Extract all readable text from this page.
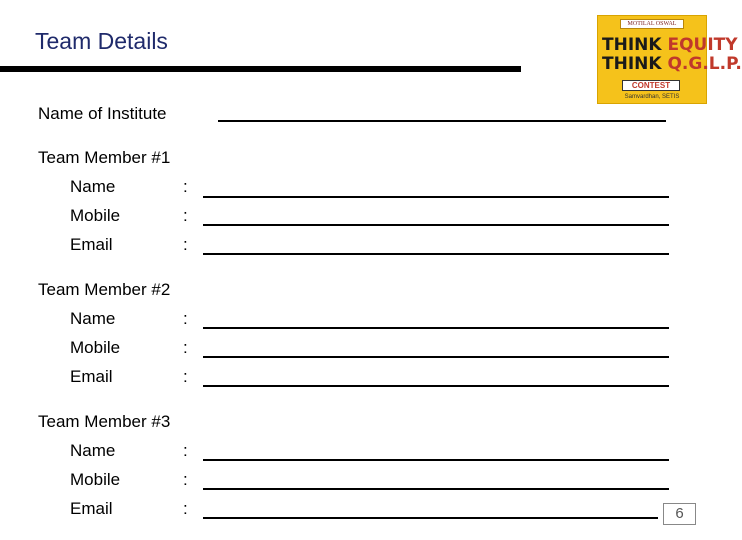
Team Details
MOTILAL OSWAL
THINK EQUITY
THINK Q.G.L.P.
CONTEST
Samvardhan, SETIS
Name of Institute
Team Member #1
Name	:
Mobile	:
Email	:
Team Member #2
Name	:
Mobile	:
Email	:
Team Member #3
Name	:
Mobile	:
Email	:	6
